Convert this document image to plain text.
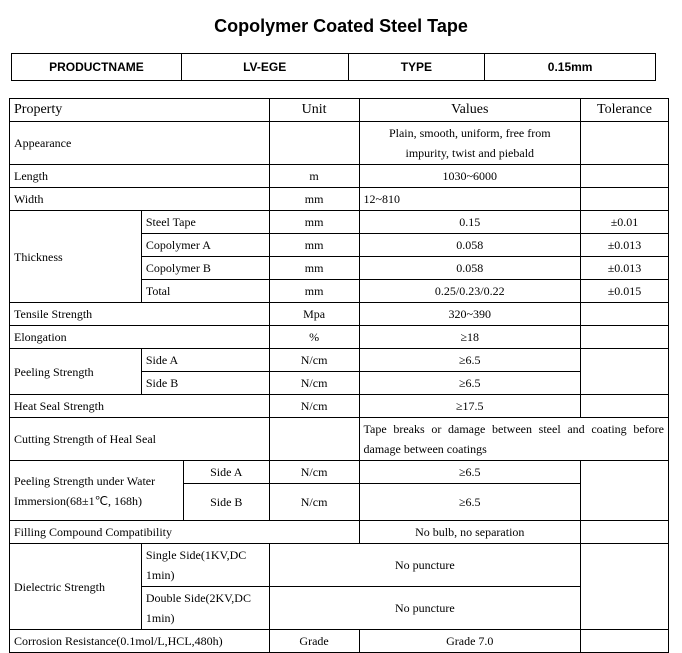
Copolymer Coated Steel Tape
PRODUCTNAME	LV-EGE	TYPE	0.15mm
Property			Unit	Values	Tolerance
Appearance				Plain, smooth, uniform, free from impurity, twist and piebald	
Length			m	1030~6000	
Width			mm	12~810	
Thickness	Steel Tape		mm	0.15	±0.01
	Copolymer A		mm	0.058	±0.013
	Copolymer B		mm	0.058	±0.013
	Total		mm	0.25/0.23/0.22	±0.015
Tensile Strength			Mpa	320~390	
Elongation			%	≥18	
Peeling Strength	Side A		N/cm	≥6.5	
	Side B		N/cm	≥6.5	
Heat Seal Strength			N/cm	≥17.5	
Cutting Strength of Heal Seal				Tape breaks or damage between steel and coating before damage between coatings	
Peeling Strength under Water Immersion(68±1℃, 168h)		Side A	N/cm	≥6.5	
		Side B	N/cm	≥6.5	
Filling Compound Compatibility				No bulb, no separation	
Dielectric Strength	Single Side(1KV,DC 1min)		No puncture		
	Double Side(2KV,DC 1min)		No puncture		
Corrosion Resistance(0.1mol/L,HCL,480h)			Grade	Grade 7.0	
